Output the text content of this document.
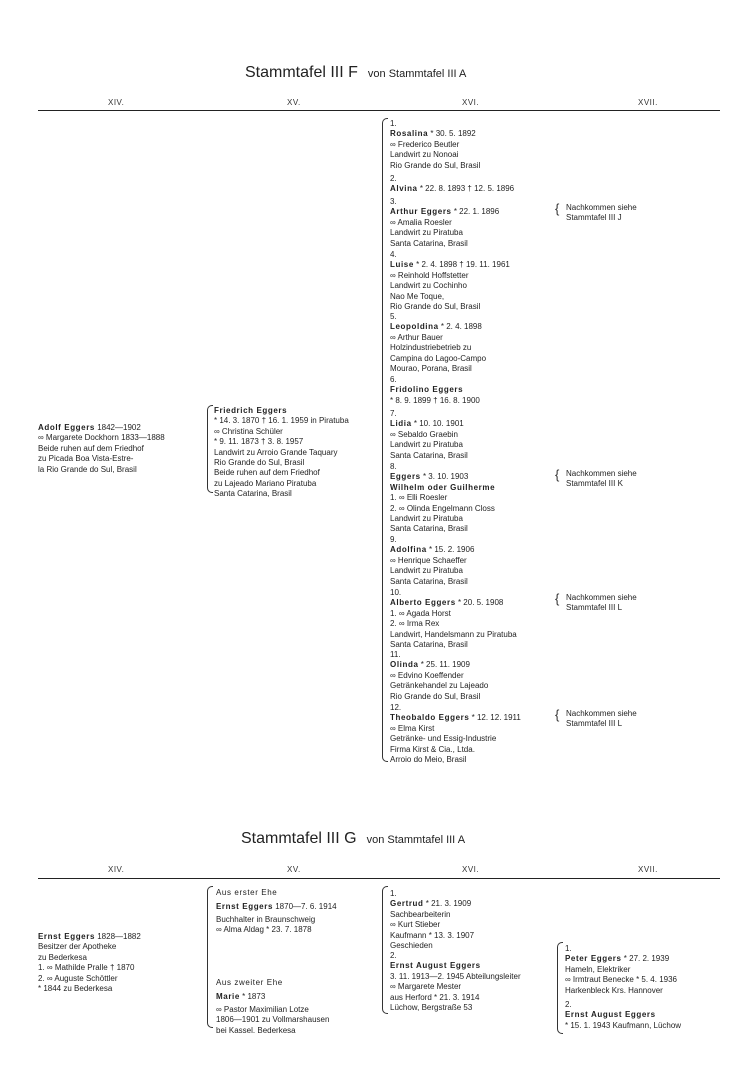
Stammtafel III F von Stammtafel III A
XIV.	XV.	XVI.	XVII.
Adolf Eggers 1842—1902
∞ Margarete Dockhorn 1833—1888
Beide ruhen auf dem Friedhof
zu Picada Boa Vista-Estre-
la Rio Grande do Sul, Brasil
Friedrich Eggers
* 14. 3. 1870 † 16. 1. 1959 in Piratuba
∞ Christina Schüler
* 9. 11. 1873 † 3. 8. 1957
Landwirt zu Arroio Grande Taquary
Rio Grande do Sul, Brasil
Beide ruhen auf dem Friedhof
zu Lajeado Mariano Piratuba
Santa Catarina, Brasil
1.
Rosalina * 30. 5. 1892
∞ Frederico Beutler
Landwirt zu Nonoai
Rio Grande do Sul, Brasil
2.
Alvina * 22. 8. 1893 † 12. 5. 1896
3.
Arthur Eggers * 22. 1. 1896
∞ Amalia Roesler
Landwirt zu Piratuba
Santa Catarina, Brasil
4.
Luise * 2. 4. 1898 † 19. 11. 1961
∞ Reinhold Hoffstetter
Landwirt zu Cochinho
Nao Me Toque,
Rio Grande do Sul, Brasil
5.
Leopoldina * 2. 4. 1898
∞ Arthur Bauer
Holzindustriebetrieb zu
Campina do Lagoo-Campo
Mourao, Porana, Brasil
6.
Fridolino Eggers
* 8. 9. 1899 † 16. 8. 1900
7.
Lidia * 10. 10. 1901
∞ Sebaldo Graebin
Landwirt zu Piratuba
Santa Catarina, Brasil
8.
Eggers * 3. 10. 1903
Wilhelm oder Guilherme
1. ∞ Elli Roesler
2. ∞ Olinda Engelmann Closs
Landwirt zu Piratuba
Santa Catarina, Brasil
9.
Adolfina * 15. 2. 1906
∞ Henrique Schaeffer
Landwirt zu Piratuba
Santa Catarina, Brasil
10.
Alberto Eggers * 20. 5. 1908
1. ∞ Agada Horst
2. ∞ Irma Rex
Landwirt, Handelsmann zu Piratuba
Santa Catarina, Brasil
11.
Olinda * 25. 11. 1909
∞ Edvino Koeffender
Getränkehandel zu Lajeado
Rio Grande do Sul, Brasil
12.
Theobaldo Eggers * 12. 12. 1911
∞ Elma Kirst
Getränke- und Essig-Industrie
Firma Kirst & Cia., Ltda.
Arroio do Meio, Brasil
{ Nachkommen siehe
Stammtafel III J
{ Nachkommen siehe
Stammtafel III K
{ Nachkommen siehe
Stammtafel III L
{ Nachkommen siehe
Stammtafel III L
Stammtafel III G von Stammtafel III A
XIV.	XV.	XVI.	XVII.
Ernst Eggers 1828—1882
Besitzer der Apotheke
zu Bederkesa
1. ∞ Mathilde Pralle † 1870
2. ∞ Auguste Schöttler
* 1844 zu Bederkesa
Aus erster Ehe
Ernst Eggers 1870—7. 6. 1914
Buchhalter in Braunschweig
∞ Alma Aldag * 23. 7. 1878
Aus zweiter Ehe
Marie * 1873
∞ Pastor Maximilian Lotze
1806—1901 zu Vollmarshausen
bei Kassel. Bederkesa
1.
Gertrud * 21. 3. 1909
Sachbearbeiterin
∞ Kurt Stieber
Kaufmann * 13. 3. 1907
Geschieden
2.
Ernst August Eggers
3. 11. 1913—2. 1945 Abteilungsleiter
∞ Margarete Mester
aus Herford * 21. 3. 1914
Lüchow, Bergstraße 53
1.
Peter Eggers * 27. 2. 1939
Hameln, Elektriker
∞ Irmtraut Benecke * 5. 4. 1936
Harkenbleck Krs. Hannover
2.
Ernst August Eggers
* 15. 1. 1943 Kaufmann, Lüchow
